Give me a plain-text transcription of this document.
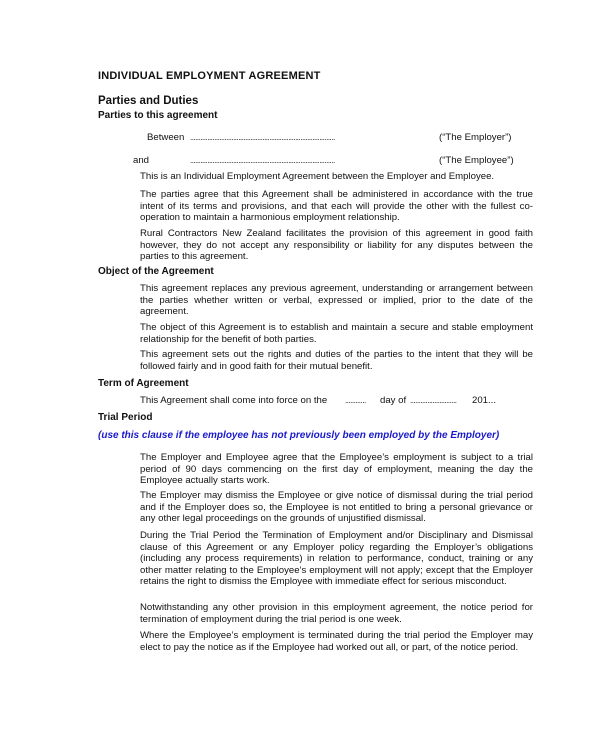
INDIVIDUAL EMPLOYMENT AGREEMENT
Parties and Duties
Parties to this agreement
Between ....................................................................................	(“The Employer”)
and	....................................................................................	(“The Employee”)
This is an Individual Employment Agreement between the Employer and Employee.
The parties agree that this Agreement shall be administered in accordance with the true intent of its terms and provisions, and that each will provide the other with the fullest co-operation to maintain a harmonious employment relationship.
Rural Contractors New Zealand facilitates the provision of this agreement in good faith however, they do not accept any responsibility or liability for any disputes between the parties to this agreement.
Object of the Agreement
This agreement replaces any previous agreement, understanding or arrangement between the parties whether written or verbal, expressed or implied, prior to the date of the agreement.
The object of this Agreement is to establish and maintain a secure and stable employment relationship for the benefit of both parties.
This agreement sets out the rights and duties of the parties to the intent that they will be followed fairly and in good faith for their mutual benefit.
Term of Agreement
This Agreement shall come into force on the ............	day of ...........................	201...
Trial Period
(use this clause if the employee has not previously been employed by the Employer)
The Employer and Employee agree that the Employee’s employment is subject to a trial period of 90 days commencing on the first day of employment, meaning the day the Employee actually starts work.
The Employer may dismiss the Employee or give notice of dismissal during the trial period and if the Employer does so, the Employee is not entitled to bring a personal grievance or any other legal proceedings on the grounds of unjustified dismissal.
During the Trial Period the Termination of Employment and/or Disciplinary and Dismissal clause of this Agreement or any Employer policy regarding the Employer’s obligations (including any process requirements) in relation to performance, conduct, training or any other matter relating to the Employee’s employment will not apply; except that the Employer retains the right to dismiss the Employee with immediate effect for serious misconduct.
Notwithstanding any other provision in this employment agreement, the notice period for termination of employment during the trial period is one week.
Where the Employee’s employment is terminated during the trial period the Employer may elect to pay the notice as if the Employee had worked out all, or part, of the notice period.
